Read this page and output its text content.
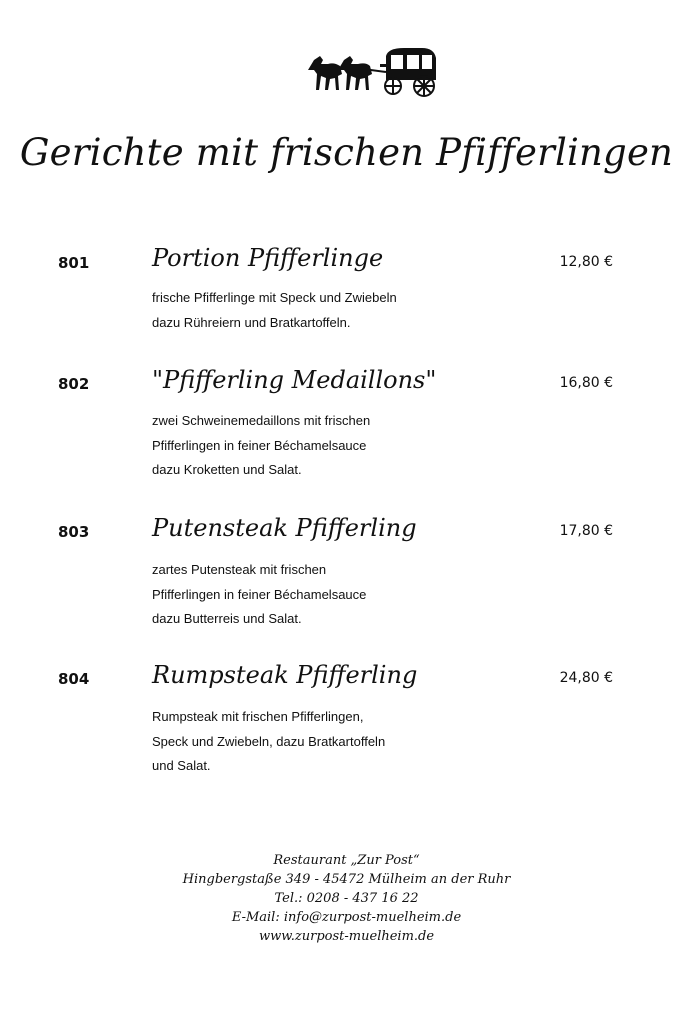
Gerichte mit frischen Pfifferlingen
801	Portion Pfifferlinge	12,80 €
frische Pfifferlinge mit Speck und Zwiebeln
dazu Rühreiern und Bratkartoffeln.
802	"Pfifferling Medaillons"	16,80 €
zwei Schweinemedaillons mit frischen
Pfifferlingen in feiner Béchamelsauce
dazu Kroketten und Salat.
803	Putensteak Pfifferling	17,80 €
zartes Putensteak mit frischen
Pfifferlingen in feiner Béchamelsauce
dazu Butterreis und Salat.
804	Rumpsteak Pfifferling	24,80 €
Rumpsteak mit frischen Pfifferlingen,
Speck und Zwiebeln, dazu Bratkartoffeln
und Salat.
Restaurant „Zur Post“
Hingbergstaße 349 - 45472 Mülheim an der Ruhr
Tel.: 0208 - 437 16 22
E-Mail: info@zurpost-muelheim.de
www.zurpost-muelheim.de
